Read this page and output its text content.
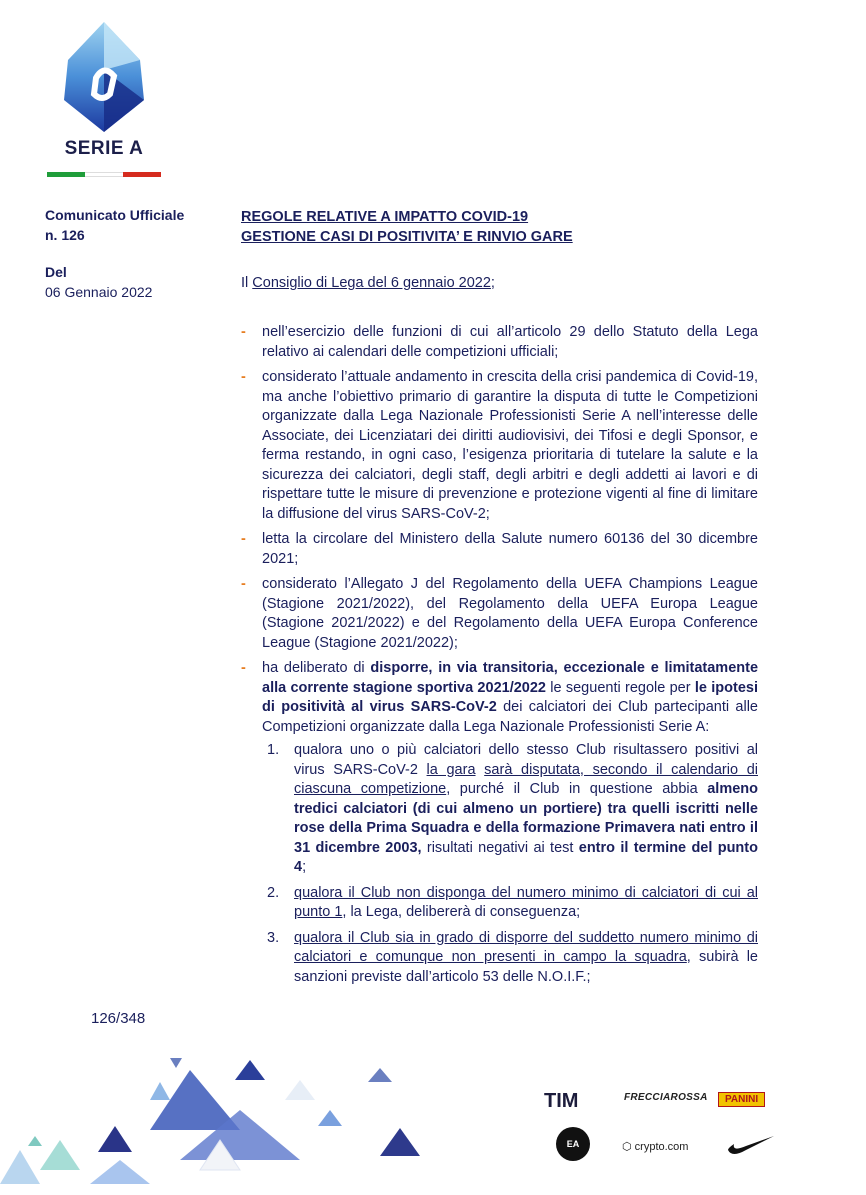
SERIE A
Comunicato Ufficiale
n. 126
Del
06 Gennaio 2022
REGOLE RELATIVE A IMPATTO COVID-19
GESTIONE CASI DI POSITIVITA’ E RINVIO GARE
Il Consiglio di Lega del 6 gennaio 2022;
- nell’esercizio delle funzioni di cui all’articolo 29 dello Statuto della Lega relativo ai calendari delle competizioni ufficiali;
- considerato l’attuale andamento in crescita della crisi pandemica di Covid-19, ma anche l’obiettivo primario di garantire la disputa di tutte le Competizioni organizzate dalla Lega Nazionale Professionisti Serie A nell’interesse delle Associate, dei Licenziatari dei diritti audiovisivi, dei Tifosi e degli Sponsor, e ferma restando, in ogni caso, l’esigenza prioritaria di tutelare la salute e la sicurezza dei calciatori, degli staff, degli arbitri e degli addetti ai lavori e di rispettare tutte le misure di prevenzione e protezione vigenti al fine di limitare la diffusione del virus SARS-CoV-2;
- letta la circolare del Ministero della Salute numero 60136 del 30 dicembre 2021;
- considerato l’Allegato J del Regolamento della UEFA Champions League (Stagione 2021/2022), del Regolamento della UEFA Europa League (Stagione 2021/2022) e del Regolamento della UEFA Europa Conference League (Stagione 2021/2022);
- ha deliberato di disporre, in via transitoria, eccezionale e limitatamente alla corrente stagione sportiva 2021/2022 le seguenti regole per le ipotesi di positività al virus SARS-CoV-2 dei calciatori dei Club partecipanti alle Competizioni organizzate dalla Lega Nazionale Professionisti Serie A:
1. qualora uno o più calciatori dello stesso Club risultassero positivi al virus SARS-CoV-2 la gara sarà disputata, secondo il calendario di ciascuna competizione, purché il Club in questione abbia almeno tredici calciatori (di cui almeno un portiere) tra quelli iscritti nelle rose della Prima Squadra e della formazione Primavera nati entro il 31 dicembre 2003, risultati negativi ai test entro il termine del punto 4;
2. qualora il Club non disponga del numero minimo di calciatori di cui al punto 1, la Lega, delibererà di conseguenza;
3. qualora il Club sia in grado di disporre del suddetto numero minimo di calciatori e comunque non presenti in campo la squadra, subirà le sanzioni previste dall’articolo 53 delle N.O.I.F.;
126/348
TIM	FRECCIAROSSA	PANINI
EA SPORTS
⬡ crypto.com
